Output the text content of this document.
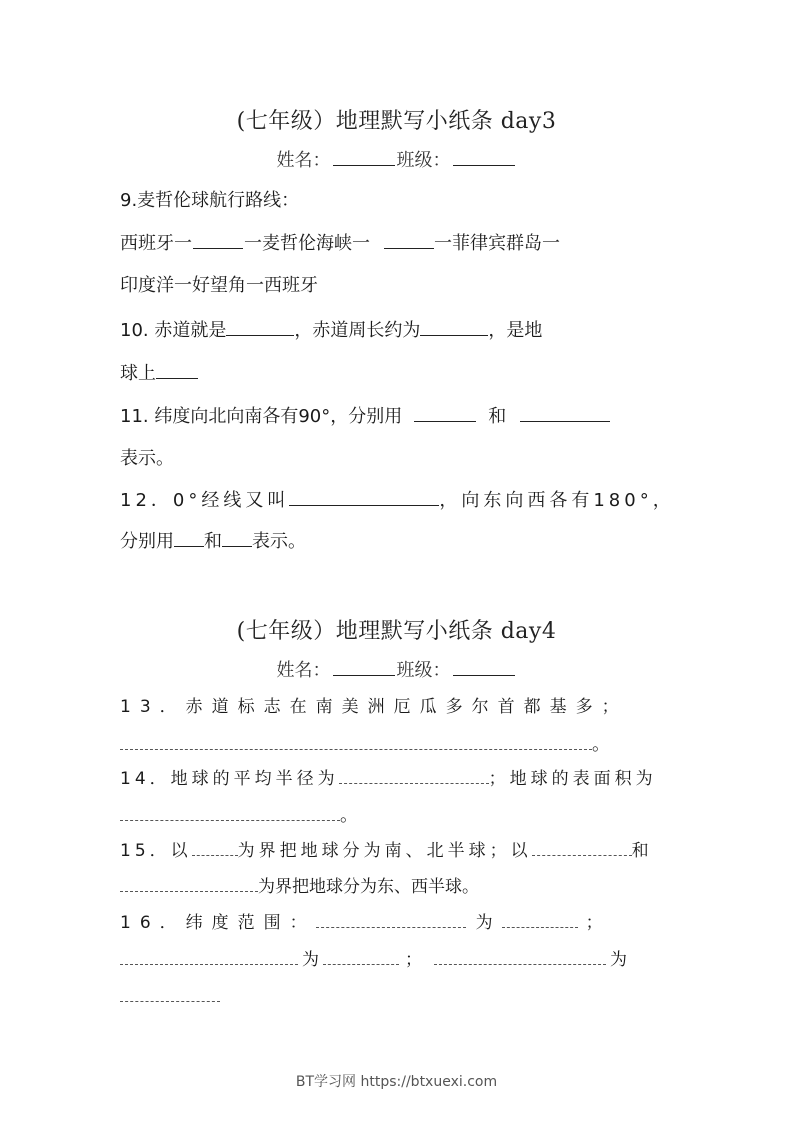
(七年级）地理默写小纸条 day3
姓名：	班级：
9.麦哲伦球航行路线：
西班牙一	一麦哲伦海峡一	一菲律宾群岛一
印度洋一好望角一西班牙
10. 赤道就是	，赤道周长约为	，是地
球上
11. 纬度向北向南各有90°，分别用	和
表示。
12．0°经线又叫	，向东向西各有180°，
分别用 和 表示。
(七年级）地理默写小纸条 day4
姓名：	班级：
13．赤道标志在南美洲厄瓜多尔首都基多；
。
14．地球的平均半径为	；地球的表面积为
。
15．以	为界把地球分为南、北半球；以	和
为界把地球分为东、西半球。
16．纬度范围：	为	；
为	；	为
BT学习网 https://btxuexi.com
